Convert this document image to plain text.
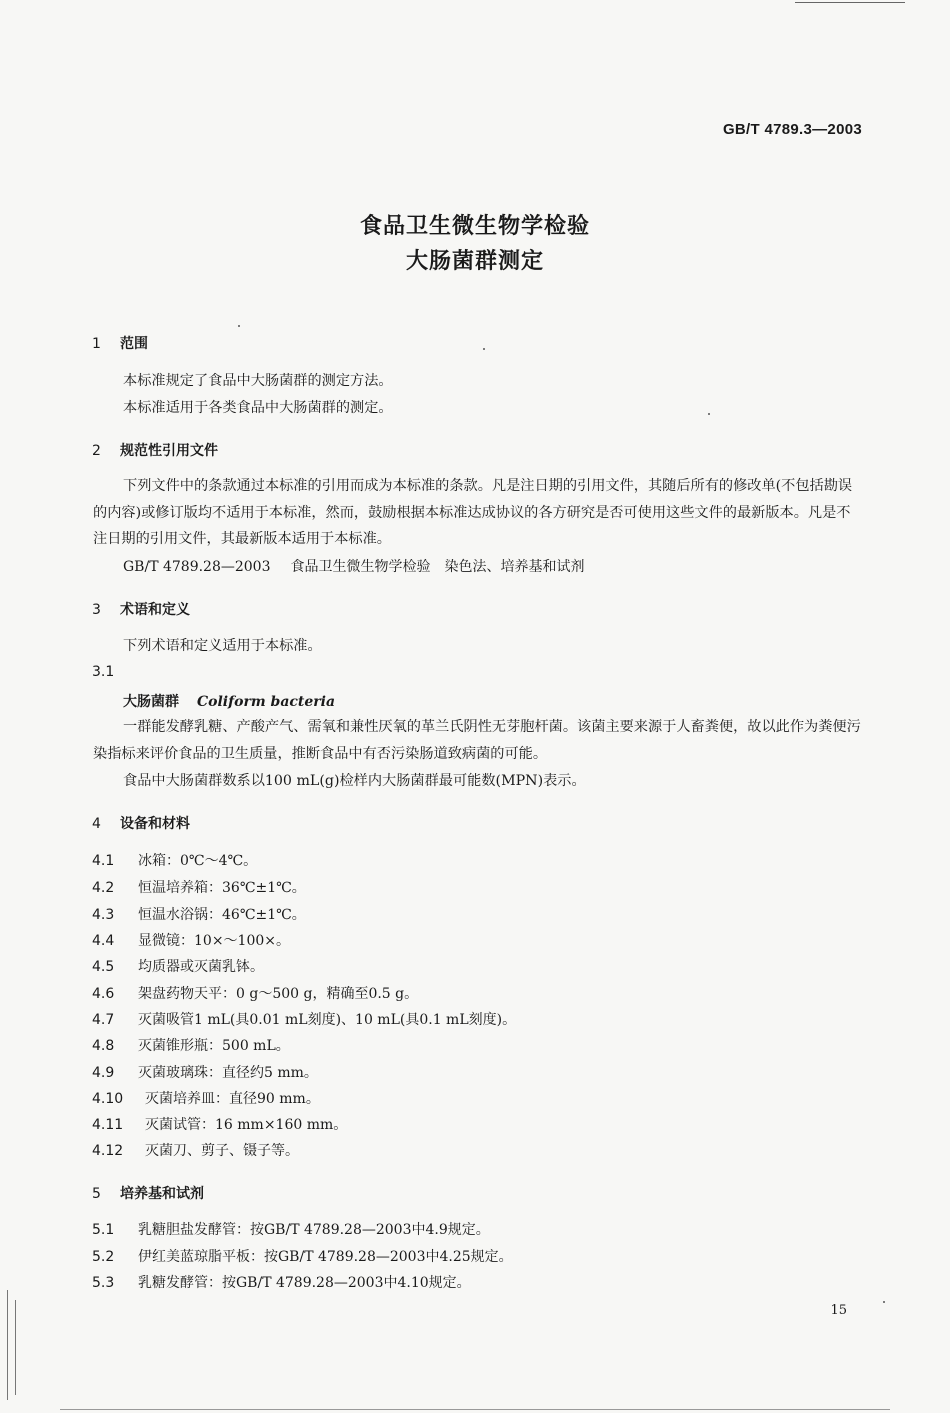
GB/T 4789.3—2003
食品卫生微生物学检验
大肠菌群测定
1 范围
本标准规定了食品中大肠菌群的测定方法。
本标准适用于各类食品中大肠菌群的测定。
2 规范性引用文件
下列文件中的条款通过本标准的引用而成为本标准的条款。凡是注日期的引用文件，其随后所有的修改单(不包括勘误的内容)或修订版均不适用于本标准，然而，鼓励根据本标准达成协议的各方研究是否可使用这些文件的最新版本。凡是不注日期的引用文件，其最新版本适用于本标准。
GB/T 4789.28—2003 食品卫生微生物学检验　染色法、培养基和试剂
3 术语和定义
下列术语和定义适用于本标准。
3.1
大肠菌群 Coliform bacteria
一群能发酵乳糖、产酸产气、需氧和兼性厌氧的革兰氏阴性无芽胞杆菌。该菌主要来源于人畜粪便，故以此作为粪便污染指标来评价食品的卫生质量，推断食品中有否污染肠道致病菌的可能。
食品中大肠菌群数系以100 mL(g)检样内大肠菌群最可能数(MPN)表示。
4 设备和材料
4.1 冰箱：0℃～4℃。
4.2 恒温培养箱：36℃±1℃。
4.3 恒温水浴锅：46℃±1℃。
4.4 显微镜：10×～100×。
4.5 均质器或灭菌乳钵。
4.6 架盘药物天平：0 g～500 g，精确至0.5 g。
4.7 灭菌吸管1 mL(具0.01 mL刻度)、10 mL(具0.1 mL刻度)。
4.8 灭菌锥形瓶：500 mL。
4.9 灭菌玻璃珠：直径约5 mm。
4.10 灭菌培养皿：直径90 mm。
4.11 灭菌试管：16 mm×160 mm。
4.12 灭菌刀、剪子、镊子等。
5 培养基和试剂
5.1 乳糖胆盐发酵管：按GB/T 4789.28—2003中4.9规定。
5.2 伊红美蓝琼脂平板：按GB/T 4789.28—2003中4.25规定。
5.3 乳糖发酵管：按GB/T 4789.28—2003中4.10规定。
15
